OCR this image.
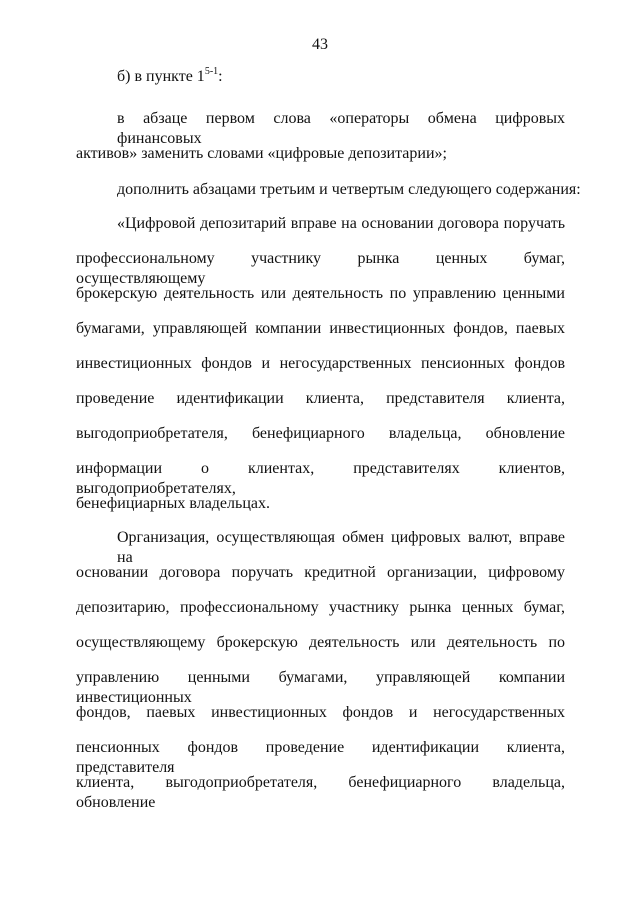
43
б) в пункте 1$^{5-1}$:
в абзаце первом слова «операторы обмена цифровых финансовых
активов» заменить словами «цифровые депозитарии»;
дополнить абзацами третьим и четвертым следующего содержания:
«Цифровой депозитарий вправе на основании договора поручать
профессиональному участнику рынка ценных бумаг, осуществляющему
брокерскую деятельность или деятельность по управлению ценными
бумагами, управляющей компании инвестиционных фондов, паевых
инвестиционных фондов и негосударственных пенсионных фондов
проведение идентификации клиента, представителя клиента,
выгодоприобретателя, бенефициарного владельца, обновление
информации о клиентах, представителях клиентов, выгодоприобретателях,
бенефициарных владельцах.
Организация, осуществляющая обмен цифровых валют, вправе на
основании договора поручать кредитной организации, цифровому
депозитарию, профессиональному участнику рынка ценных бумаг,
осуществляющему брокерскую деятельность или деятельность по
управлению ценными бумагами, управляющей компании инвестиционных
фондов, паевых инвестиционных фондов и негосударственных
пенсионных фондов проведение идентификации клиента, представителя
клиента, выгодоприобретателя, бенефициарного владельца, обновление
